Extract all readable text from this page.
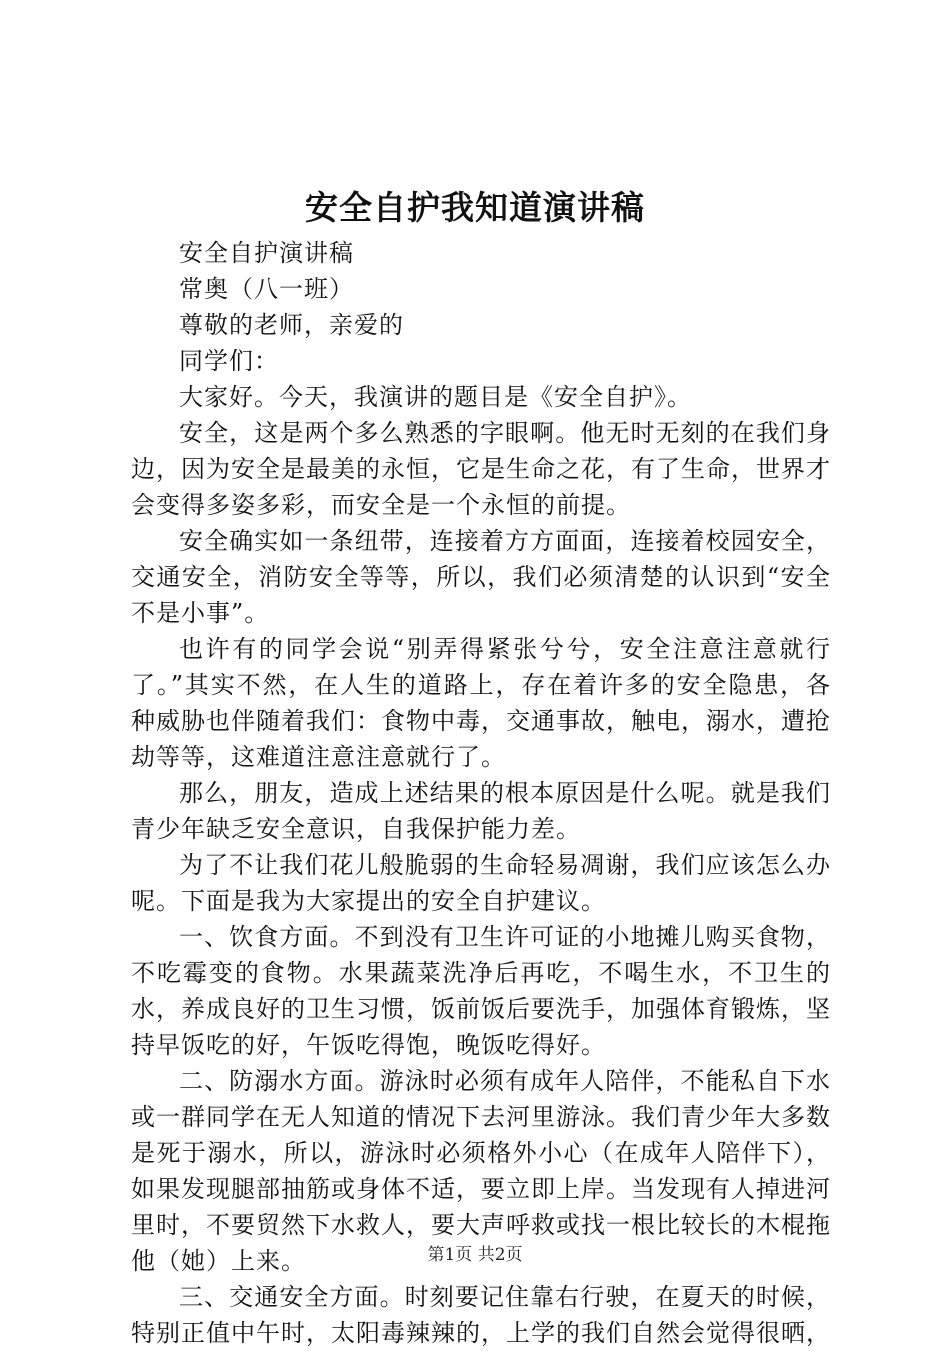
安全自护我知道演讲稿

安全自护演讲稿

常奥（八一班）

尊敬的老师，亲爱的

同学们：

大家好。今天，我演讲的题目是《安全自护》。

安全，这是两个多么熟悉的字眼啊。他无时无刻的在我们身边，因为安全是最美的永恒，它是生命之花，有了生命，世界才会变得多姿多彩，而安全是一个永恒的前提。

安全确实如一条纽带，连接着方方面面，连接着校园安全，交通安全，消防安全等等，所以，我们必须清楚的认识到“安全不是小事”。

也许有的同学会说“别弄得紧张兮兮，安全注意注意就行了。”其实不然，在人生的道路上，存在着许多的安全隐患，各种威胁也伴随着我们：食物中毒，交通事故，触电，溺水，遭抢劫等等，这难道注意注意就行了。

那么，朋友，造成上述结果的根本原因是什么呢。就是我们青少年缺乏安全意识，自我保护能力差。

为了不让我们花儿般脆弱的生命轻易凋谢，我们应该怎么办呢。下面是我为大家提出的安全自护建议。

一、饮食方面。不到没有卫生许可证的小地摊儿购买食物，不吃霉变的食物。水果蔬菜洗净后再吃，不喝生水，不卫生的水，养成良好的卫生习惯，饭前饭后要洗手，加强体育锻炼，坚持早饭吃的好，午饭吃得饱，晚饭吃得好。

二、防溺水方面。游泳时必须有成年人陪伴，不能私自下水或一群同学在无人知道的情况下去河里游泳。我们青少年大多数是死于溺水，所以，游泳时必须格外小心（在成年人陪伴下），如果发现腿部抽筋或身体不适，要立即上岸。当发现有人掉进河里时，不要贸然下水救人，要大声呼救或找一根比较长的木棍拖他（她）上来。

三、交通安全方面。时刻要记住靠右行驶，在夏天的时候，特别正值中午时，太阳毒辣辣的，上学的我们自然会觉得很晒，

第1页 共2页
